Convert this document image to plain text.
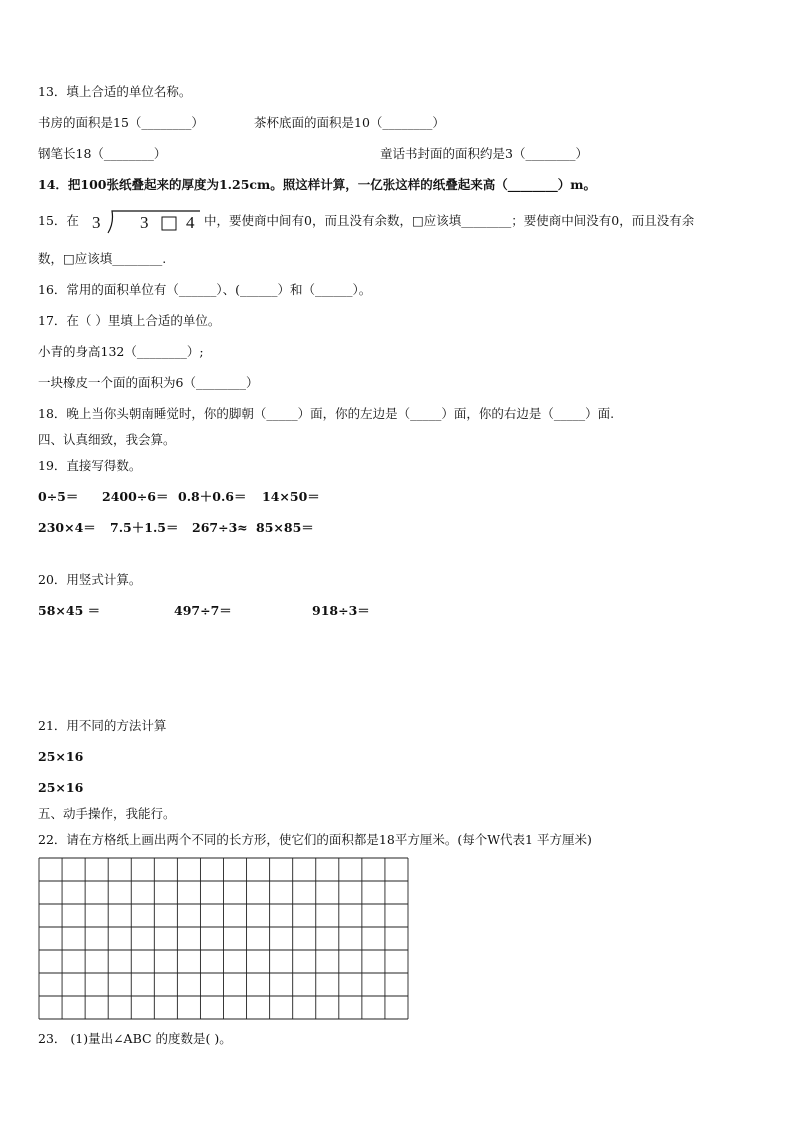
13．填上合适的单位名称。
书房的面积是15（________）	茶杯底面的面积是10（________）
钢笔长18（________）	童话书封面的面积约是3（________）
14．把100张纸叠起来的厚度为1.25cm。照这样计算，一亿张这样的纸叠起来高（________）m。
15．在 3 3 4 中，要使商中间有0，而且没有余数，□应该填________；要使商中间没有0，而且没有余
数，□应该填________.
16．常用的面积单位有（______）、(______）和（______）。
17．在（ ）里填上合适的单位。
小青的身高132（________）;
一块橡皮一个面的面积为6（________）
18．晚上当你头朝南睡觉时，你的脚朝（_____）面，你的左边是（_____）面，你的右边是（_____）面.
四、认真细致，我会算。
19．直接写得数。
0÷5＝ 2400÷6＝ 0.8＋0.6＝ 14×50＝
230×4＝ 7.5＋1.5＝ 267÷3≈ 85×85＝
20．用竖式计算。
58×45 ＝	497÷7＝	918÷3＝
21．用不同的方法计算
25×16
25×16
五、动手操作，我能行。
22．请在方格纸上画出两个不同的长方形，使它们的面积都是18平方厘米。(每个W代表1 平方厘米)
23． (1)量出∠ABC 的度数是( )。
